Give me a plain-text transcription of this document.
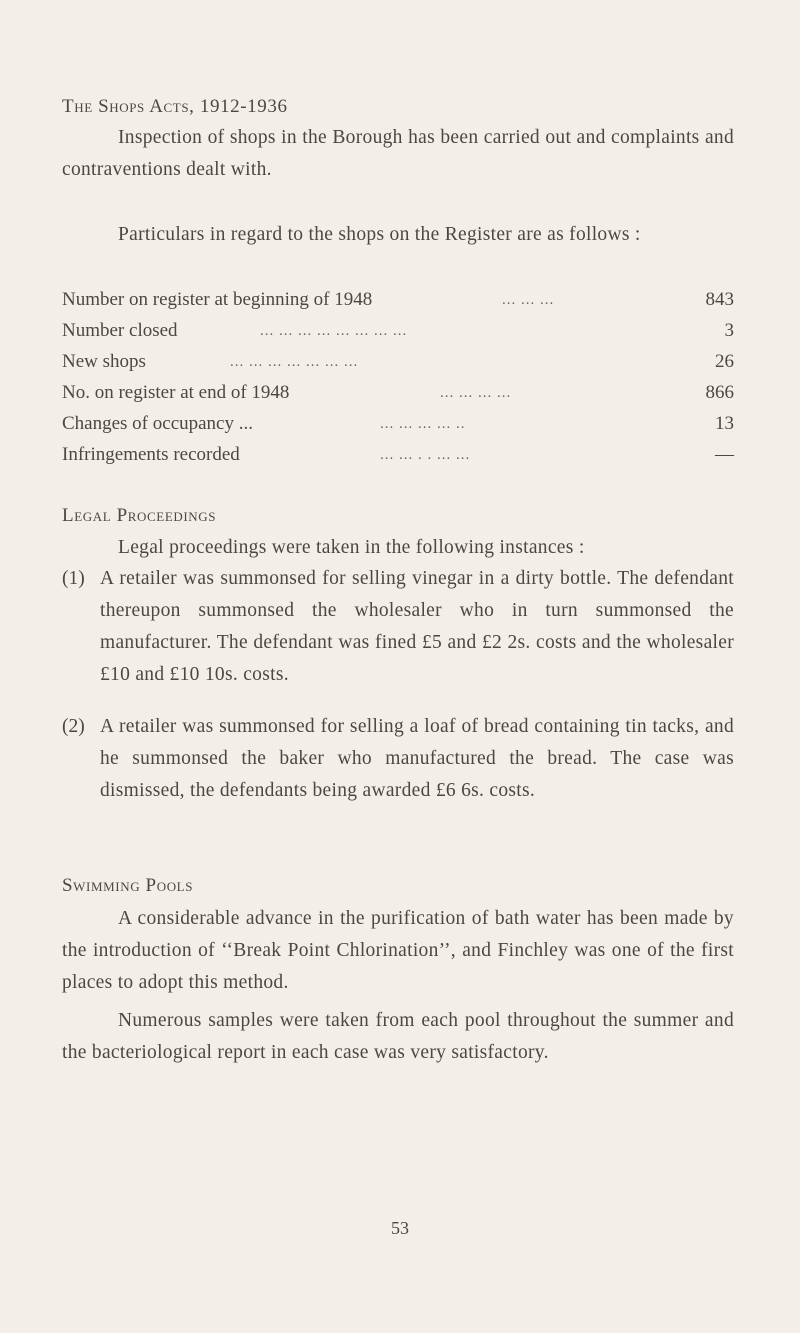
The Shops Acts, 1912-1936

Inspection of shops in the Borough has been carried out and complaints and contraventions dealt with.

Particulars in regard to the shops on the Register are as follows :

Number on register at beginning of 1948	... ... ...	843
Number closed	... ... ... ... ... ... ... ...	3
New shops	... ... ... ... ... ... ...	26
No. on register at end of 1948	... ... ... ...	866
Changes of occupancy ...	... ... ... ... ..	13
Infringements recorded	... ... . . ... ...	—
Legal Proceedings

Legal proceedings were taken in the following instances :

(1) A retailer was summonsed for selling vinegar in a dirty bottle. The defendant thereupon summonsed the wholesaler who in turn summonsed the manufacturer. The defendant was fined £5 and £2 2s. costs and the wholesaler £10 and £10 10s. costs.
(2) A retailer was summonsed for selling a loaf of bread containing tin tacks, and he summonsed the baker who manufactured the bread. The case was dismissed, the defendants being awarded £6 6s. costs.
Swimming Pools

A considerable advance in the purification of bath water has been made by the introduction of ‘‘Break Point Chlorination’’, and Finchley was one of the first places to adopt this method.

Numerous samples were taken from each pool throughout the summer and the bacteriological report in each case was very satisfactory.

53
